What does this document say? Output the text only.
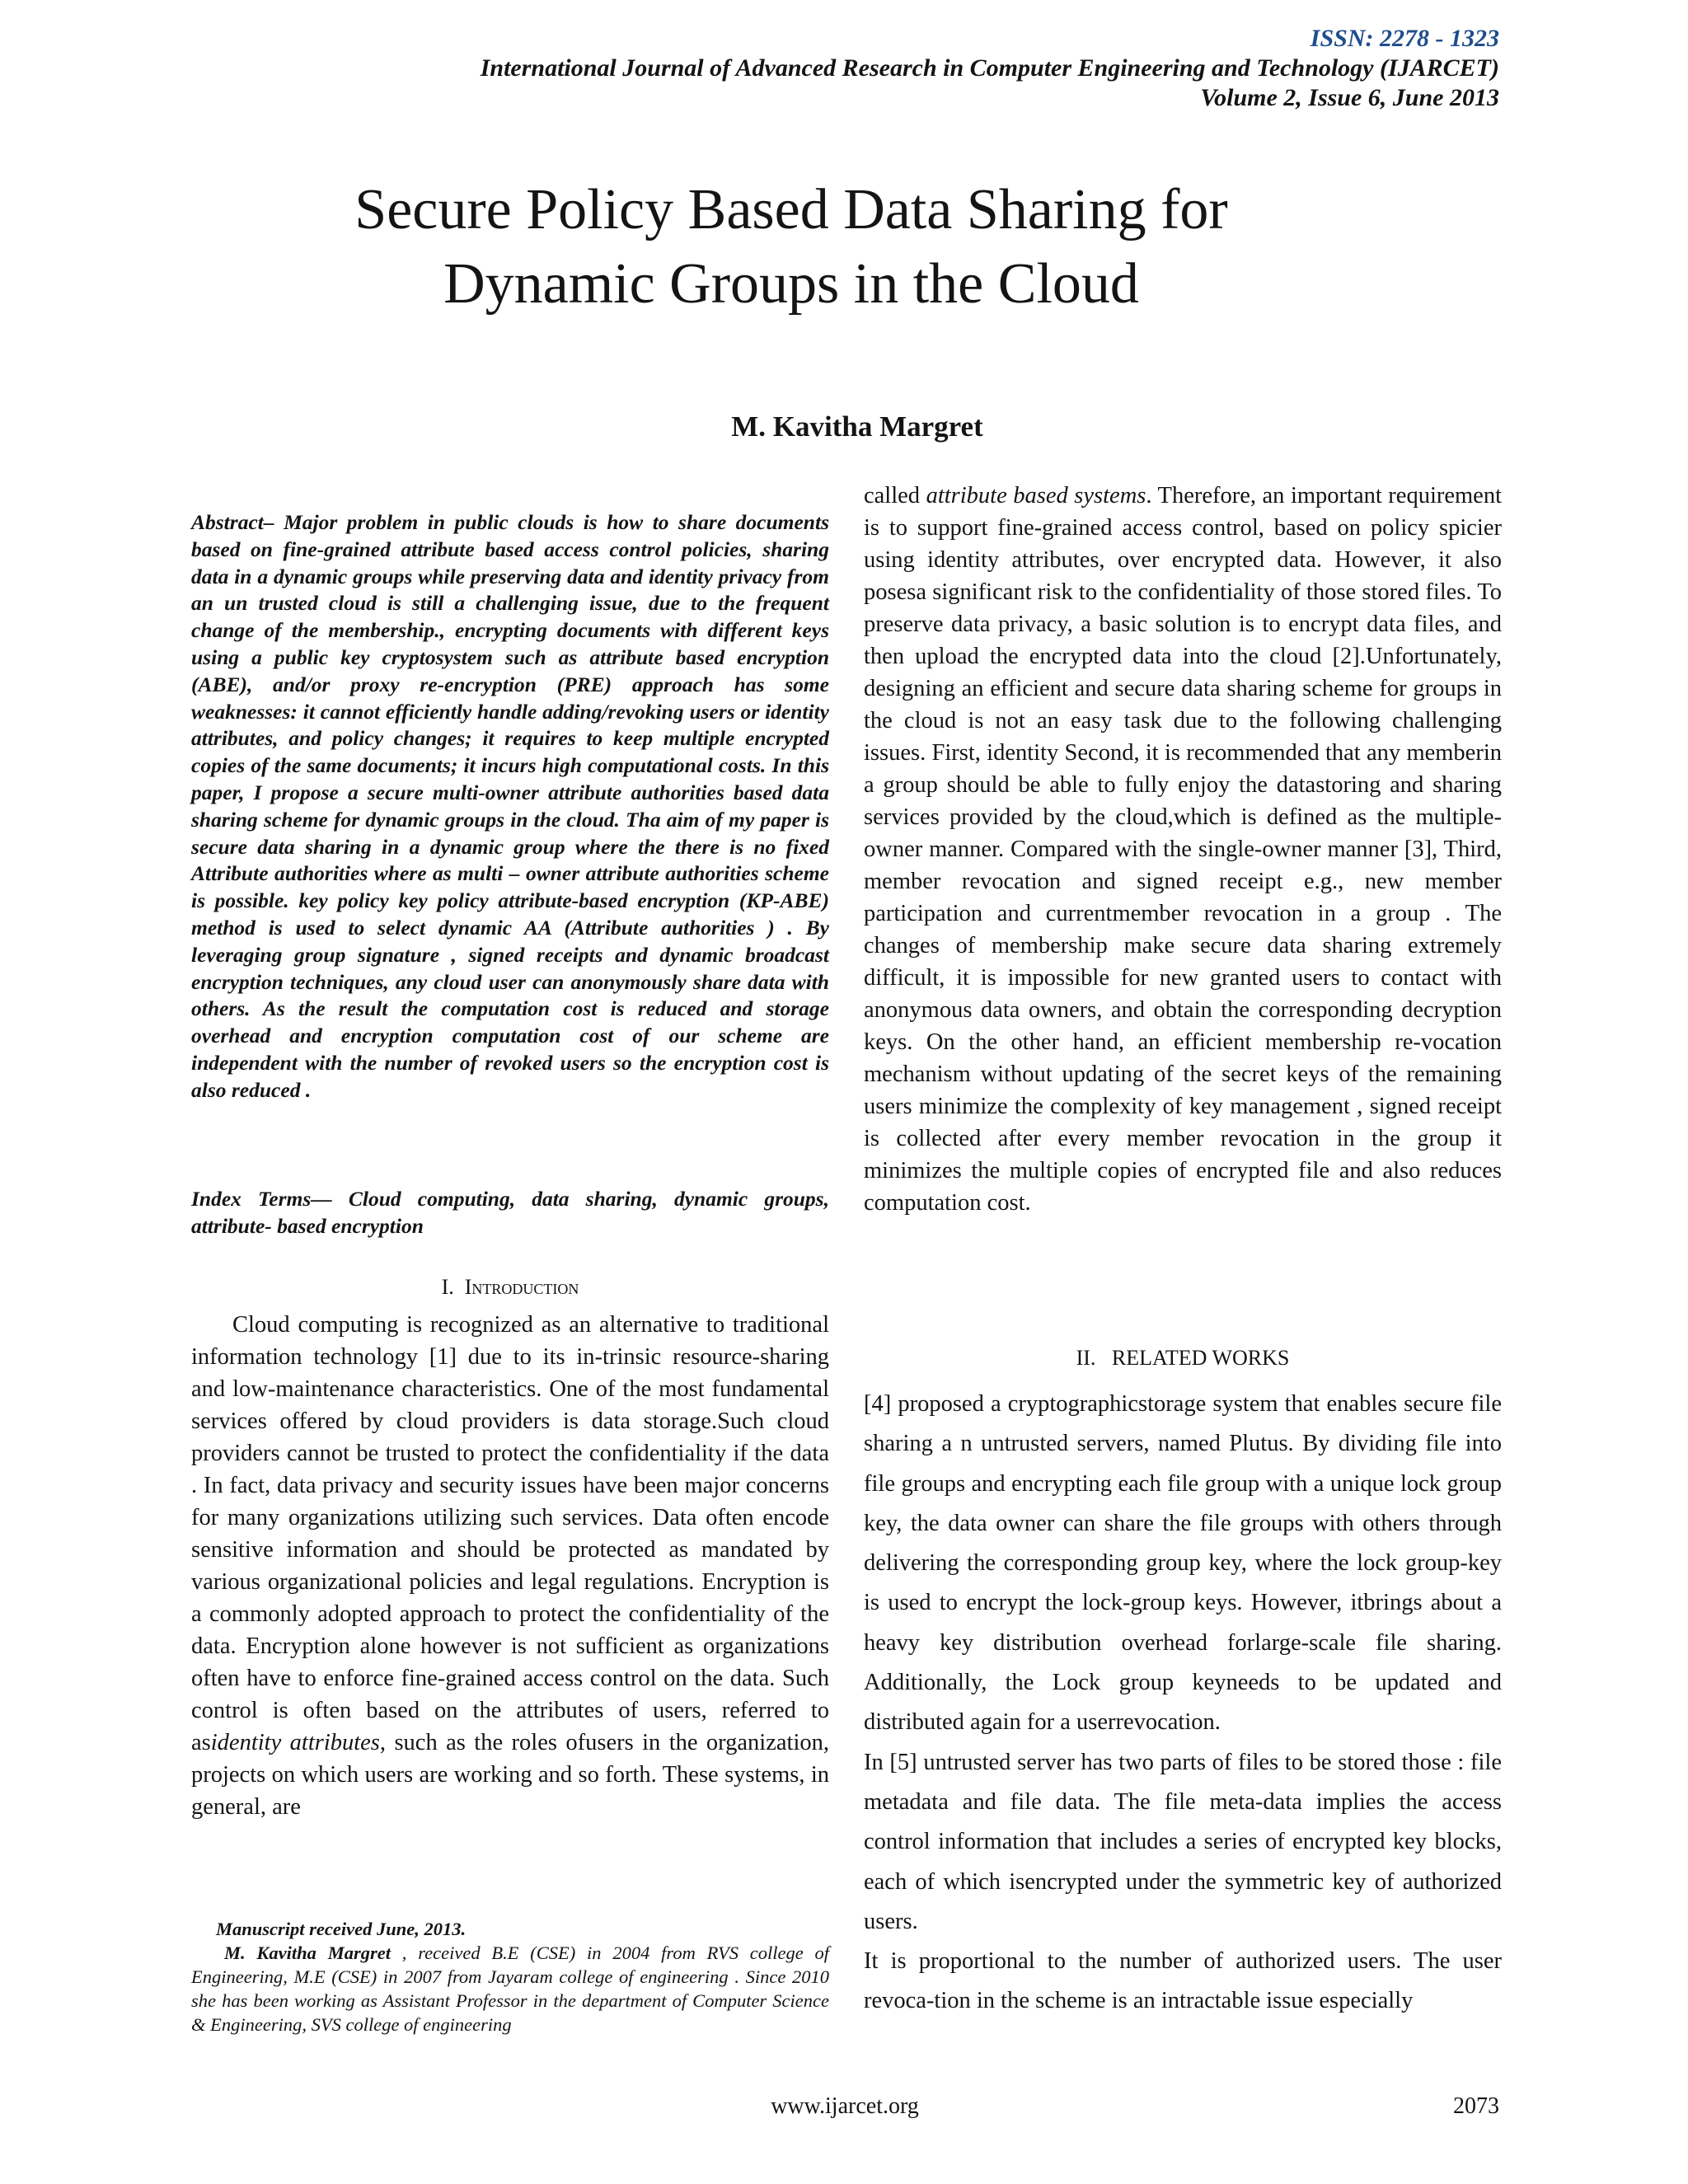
ISSN: 2278 - 1323
International Journal of Advanced Research in Computer Engineering and Technology (IJARCET)
Volume 2, Issue 6, June 2013
Secure Policy Based Data Sharing for
Dynamic Groups in the Cloud
M. Kavitha Margret
Abstract– Major problem in public clouds is how to share documents based on fine-grained attribute based access control policies, sharing data in a dynamic groups while preserving data and identity privacy from an un trusted cloud is still a challenging issue, due to the frequent change of the membership., encrypting documents with different keys using a public key cryptosystem such as attribute based encryption (ABE), and/or proxy re-encryption (PRE) approach has some weaknesses: it cannot efficiently handle adding/revoking users or identity attributes, and policy changes; it requires to keep multiple encrypted copies of the same documents; it incurs high computational costs. In this paper, I propose a secure multi-owner attribute authorities based data sharing scheme for dynamic groups in the cloud. Tha aim of my paper is secure data sharing in a dynamic group where the there is no fixed Attribute authorities where as multi – owner attribute authorities scheme is possible. key policy key policy attribute-based encryption (KP-ABE) method is used to select dynamic AA (Attribute authorities ) . By leveraging group signature , signed receipts and dynamic broadcast encryption techniques, any cloud user can anonymously share data with others. As the result the computation cost is reduced and storage overhead and encryption computation cost of our scheme are independent with the number of revoked users so the encryption cost is also reduced .
Index Terms— Cloud computing, data sharing, dynamic groups, attribute- based encryption
I. Introduction

Cloud computing is recognized as an alternative to traditional information technology [1] due to its in-trinsic resource-sharing and low-maintenance characteristics. One of the most fundamental services offered by cloud providers is data storage.Such cloud providers cannot be trusted to protect the confidentiality if the data . In fact, data privacy and security issues have been major concerns for many organizations utilizing such services. Data often encode sensitive information and should be protected as mandated by various organizational policies and legal regulations. Encryption is a commonly adopted approach to protect the confidentiality of the data. Encryption alone however is not sufficient as organizations often have to enforce fine-grained access control on the data. Such control is often based on the attributes of users, referred to asidentity attributes, such as the roles ofusers in the organization, projects on which users are working and so forth. These systems, in general, are

Manuscript received June, 2013.
M. Kavitha Margret , received B.E (CSE) in 2004 from RVS college of Engineering, M.E (CSE) in 2007 from Jayaram college of engineering . Since 2010 she has been working as Assistant Professor in the department of Computer Science & Engineering, SVS college of engineering
called attribute based systems. Therefore, an important requirement is to support fine-grained access control, based on policy spicier using identity attributes, over encrypted data. However, it also posesa significant risk to the confidentiality of those stored files. To preserve data privacy, a basic solution is to encrypt data files, and then upload the encrypted data into the cloud [2].Unfortunately, designing an efficient and secure data sharing scheme for groups in the cloud is not an easy task due to the following challenging issues. First, identity Second, it is recommended that any memberin a group should be able to fully enjoy the datastoring and sharing services provided by the cloud,which is defined as the multiple-owner manner. Compared with the single-owner manner [3], Third, member revocation and signed receipt e.g., new member participation and currentmember revocation in a group . The changes of membership make secure data sharing extremely difficult, it is impossible for new granted users to contact with anonymous data owners, and obtain the corresponding decryption keys. On the other hand, an efficient membership re-vocation mechanism without updating of the secret keys of the remaining users minimize the complexity of key management , signed receipt is collected after every member revocation in the group it minimizes the multiple copies of encrypted file and also reduces computation cost.
II. RELATED WORKS

[4] proposed a cryptographicstorage system that enables secure file sharing a n untrusted servers, named Plutus. By dividing file into file groups and encrypting each file group with a unique lock group key, the data owner can share the file groups with others through delivering the corresponding group key, where the lock group-key is used to encrypt the lock-group keys. However, itbrings about a heavy key distribution overhead forlarge-scale file sharing. Additionally, the Lock group keyneeds to be updated and distributed again for a userrevocation.

In [5] untrusted server has two parts of files to be stored those : file metadata and file data. The file meta-data implies the access control information that includes a series of encrypted key blocks, each of which isencrypted under the symmetric key of authorized users.

It is proportional to the number of authorized users. The user revoca-tion in the scheme is an intractable issue especially

www.ijarcet.org	2073
